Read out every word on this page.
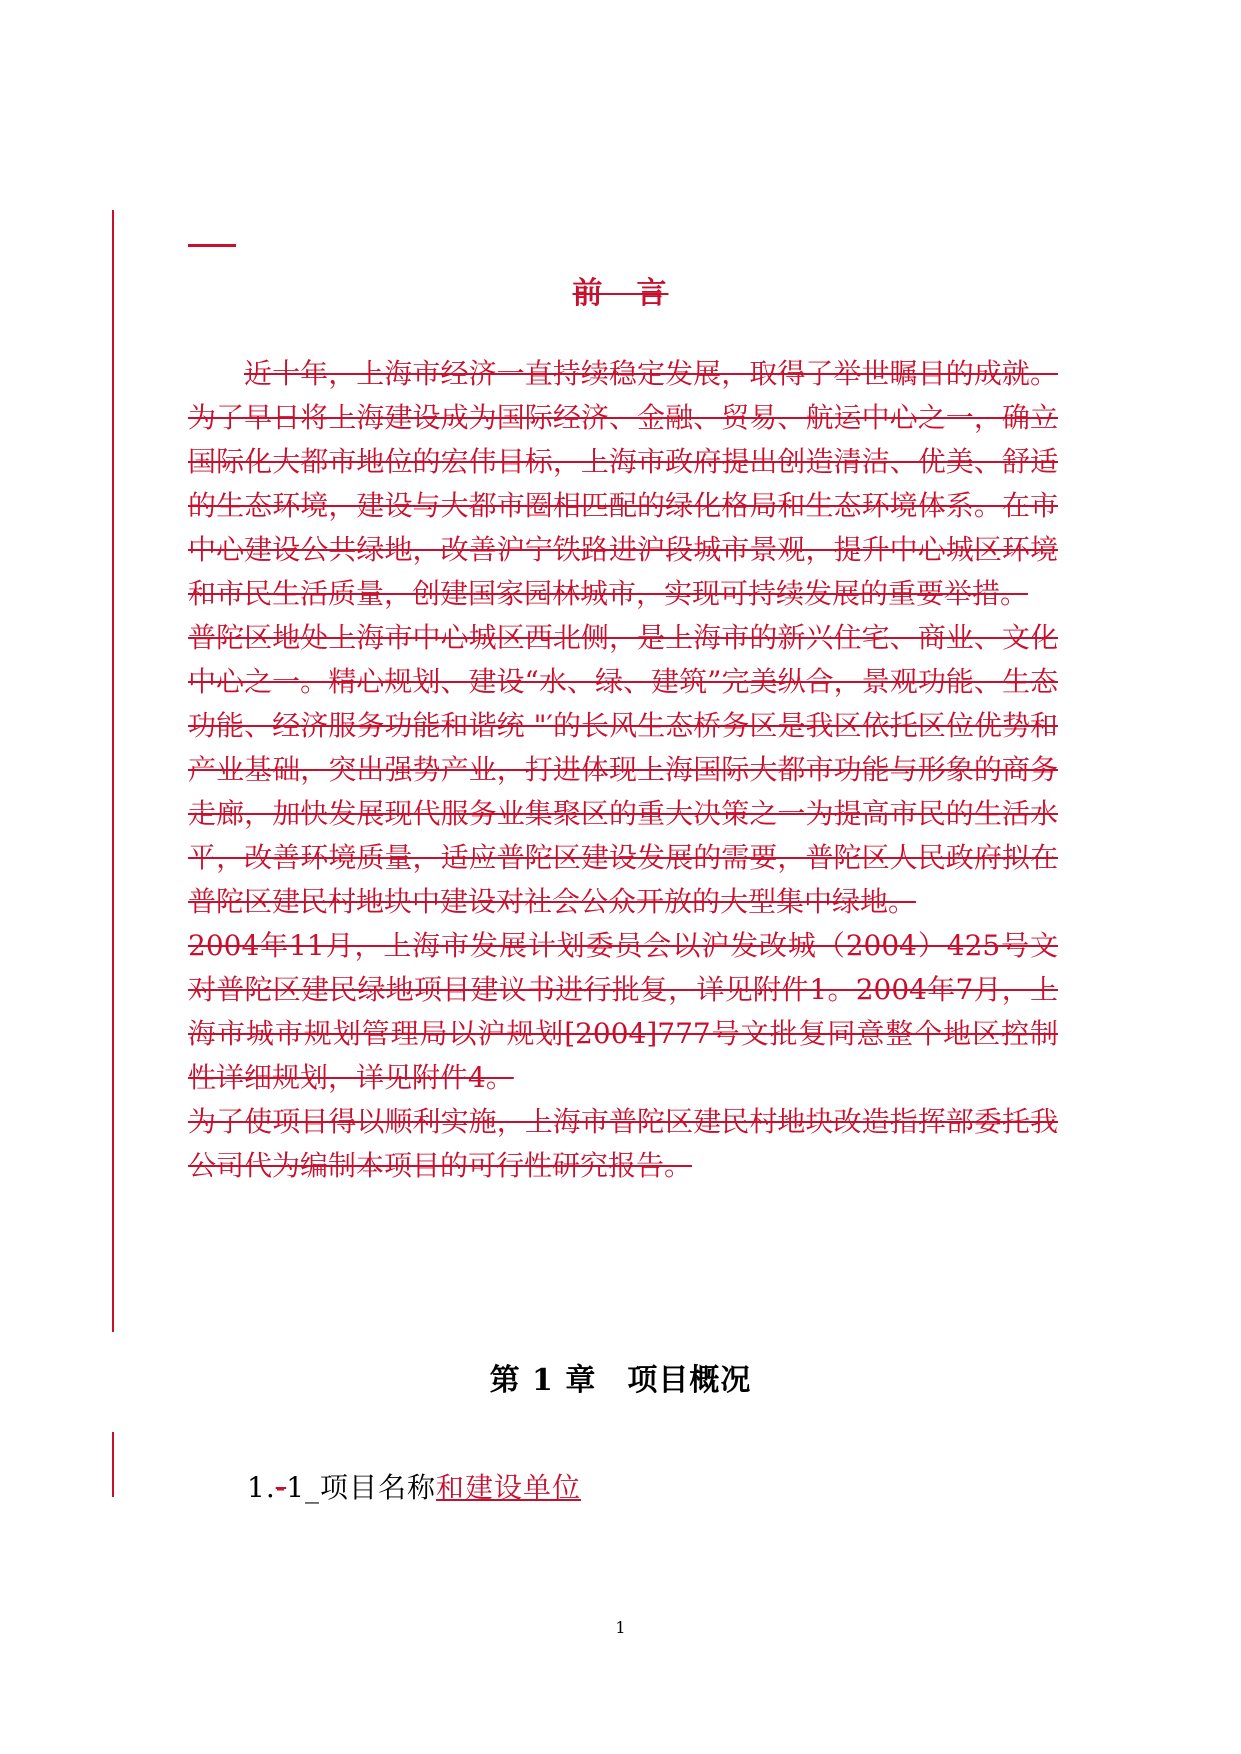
前　言

近十年，上海市经济一直持续稳定发展，取得了举世瞩目的成就。为了早日将上海建设成为国际经济、金融、贸易、航运中心之一，确立国际化大都市地位的宏伟目标，上海市政府提出创造清洁、优美、舒适的生态环境，建设与大都市圈相匹配的绿化格局和生态环境体系。在市中心建设公共绿地，改善沪宁铁路进沪段城市景观，提升中心城区环境和市民生活质量，创建国家园林城市，实现可持续发展的重要举措。

普陀区地处上海市中心城区西北侧，是上海市的新兴住宅、商业、文化中心之一。精心规划、建设“水、绿、建筑”完美纵合，景观功能、生态功能、经济服务功能和谐统 "′的长风生态桥务区是我区依托区位优势和产业基础，突出强势产业，打进体现上海国际大都市功能与形象的商务走廊，加快发展现代服务业集聚区的重大决策之一为提高市民的生活水平，改善环境质量，适应普陀区建设发展的需要，普陀区人民政府拟在普陀区建民村地块中建设对社会公众开放的大型集中绿地。

2004年11月，上海市发展计划委员会以沪发改城（2004）425号文对普陀区建民绿地项目建议书进行批复，详见附件1。2004年7月，上海市城市规划管理局以沪规划[2004]777号文批复同意整个地区控制性详细规划，详见附件4。

为了使项目得以顺利实施，上海市普陀区建民村地块改造指挥部委托我公司代为编制本项目的可行性研究报告。

第 1 章　项目概况
1.-1_项目名称和建设单位
1
